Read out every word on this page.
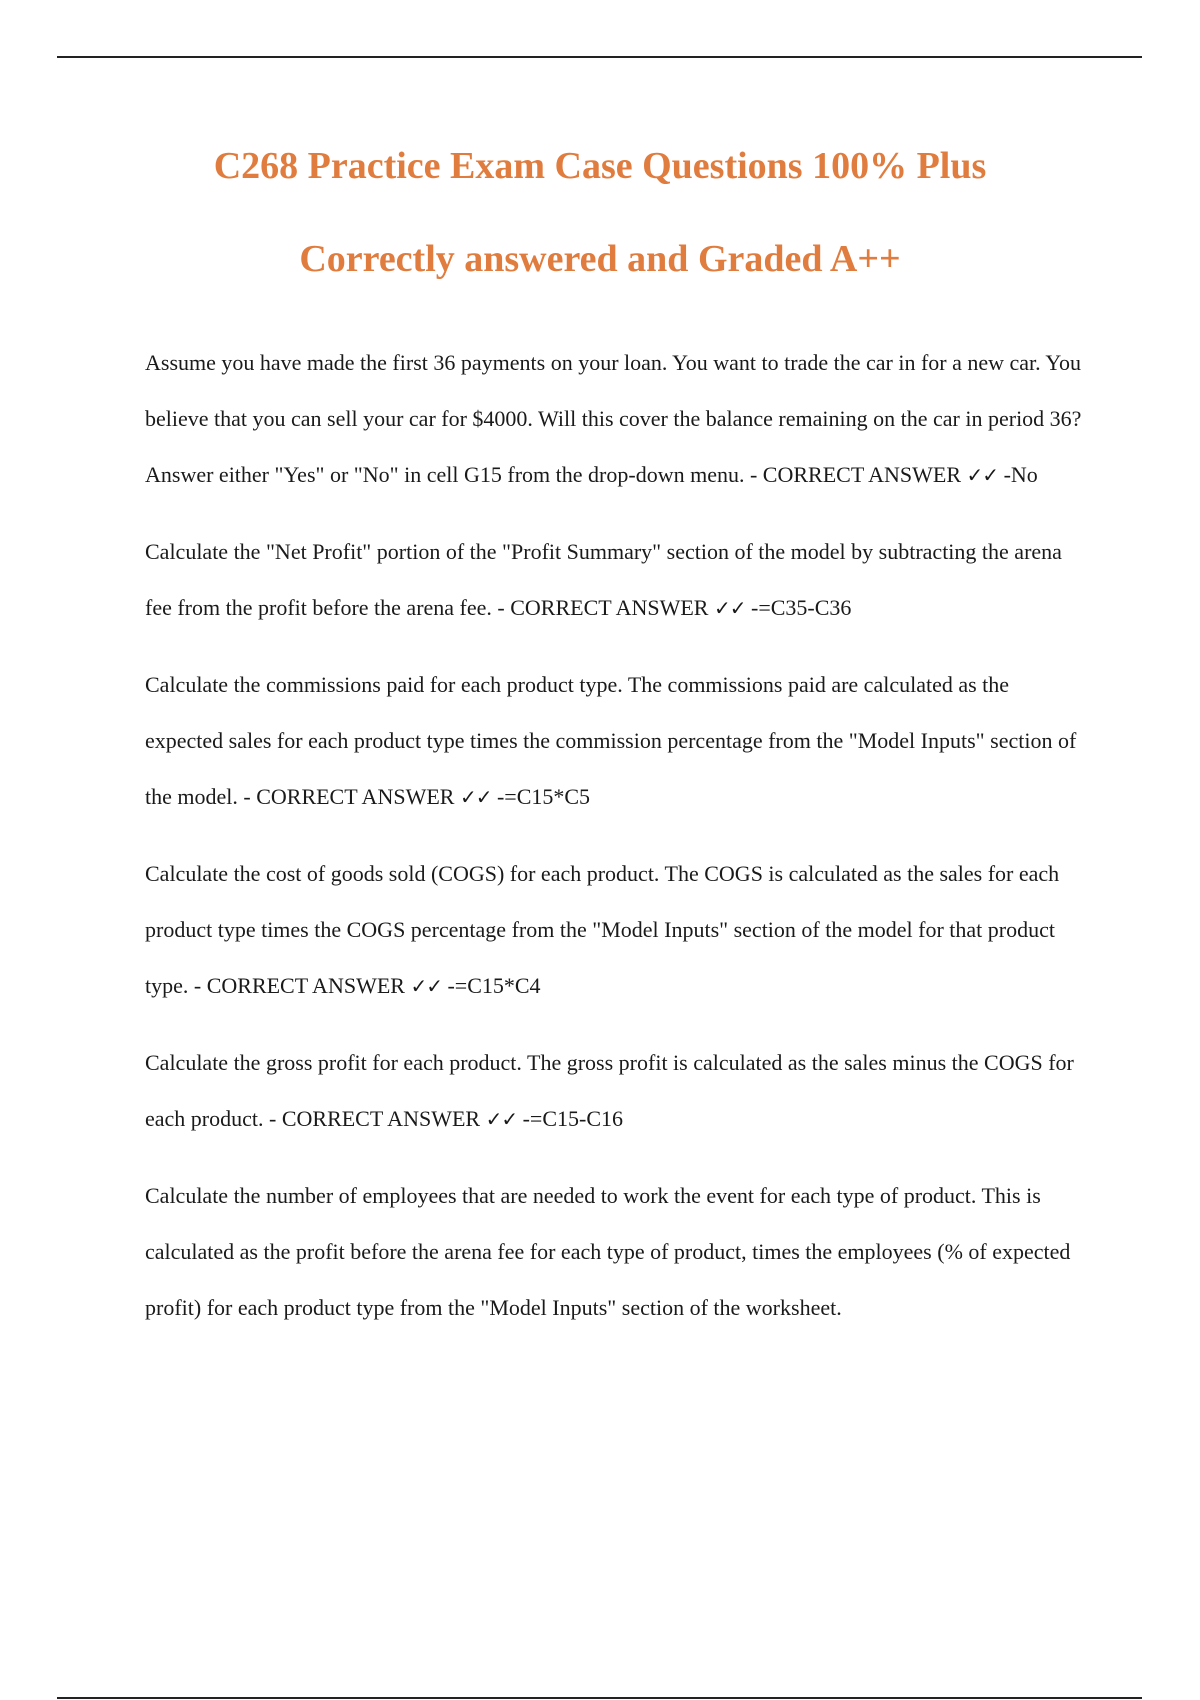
C268 Practice Exam Case Questions 100% Plus
Correctly answered and Graded A++

Assume you have made the first 36 payments on your loan. You want to trade the car in for a new car. You believe that you can sell your car for $4000. Will this cover the balance remaining on the car in period 36? Answer either "Yes" or "No" in cell G15 from the drop-down menu. - CORRECT ANSWER ✓✓ -No

Calculate the "Net Profit" portion of the "Profit Summary" section of the model by subtracting the arena fee from the profit before the arena fee. - CORRECT ANSWER ✓✓ -=C35-C36

Calculate the commissions paid for each product type. The commissions paid are calculated as the expected sales for each product type times the commission percentage from the "Model Inputs" section of the model. - CORRECT ANSWER ✓✓ -=C15*C5

Calculate the cost of goods sold (COGS) for each product. The COGS is calculated as the sales for each product type times the COGS percentage from the "Model Inputs" section of the model for that product type. - CORRECT ANSWER ✓✓ -=C15*C4

Calculate the gross profit for each product. The gross profit is calculated as the sales minus the COGS for each product. - CORRECT ANSWER ✓✓ -=C15-C16

Calculate the number of employees that are needed to work the event for each type of product. This is calculated as the profit before the arena fee for each type of product, times the employees (% of expected profit) for each product type from the "Model Inputs" section of the worksheet.
